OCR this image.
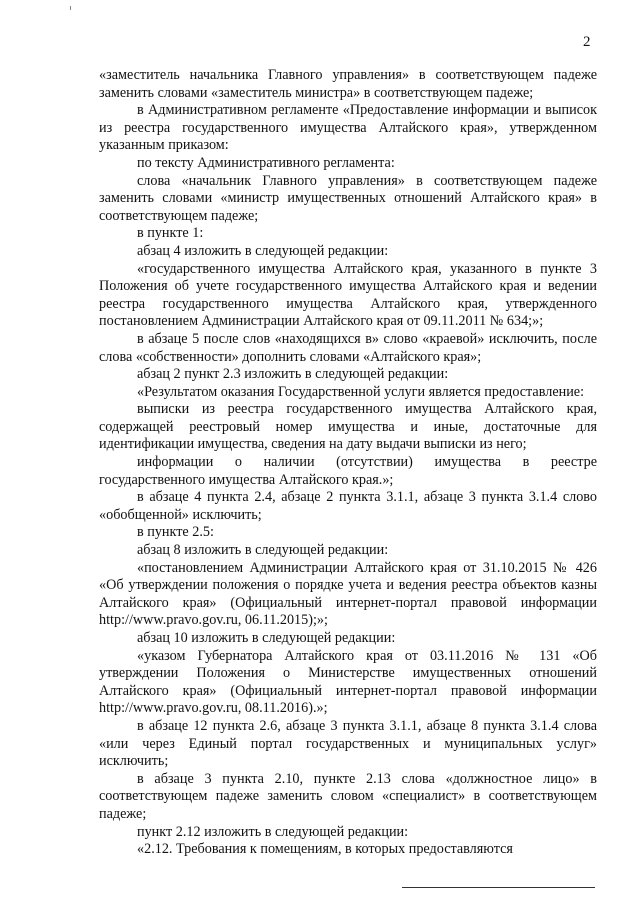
2

«заместитель начальника Главного управления» в соответствующем падеже заменить словами «заместитель министра» в соответствующем падеже;

в Административном регламенте «Предоставление информации и выписок из реестра государственного имущества Алтайского края», утвержденном указанным приказом:

по тексту Административного регламента:

слова «начальник Главного управления» в соответствующем падеже заменить словами «министр имущественных отношений Алтайского края» в соответствующем падеже;

в пункте 1:

абзац 4 изложить в следующей редакции:

«государственного имущества Алтайского края, указанного в пункте 3 Положения об учете государственного имущества Алтайского края и ведении реестра государственного имущества Алтайского края, утвержденного постановлением Администрации Алтайского края от 09.11.2011 № 634;»;

в абзаце 5 после слов «находящихся в» слово «краевой» исключить, после слова «собственности» дополнить словами «Алтайского края»;

абзац 2 пункт 2.3 изложить в следующей редакции:

«Результатом оказания Государственной услуги является предоставление:

выписки из реестра государственного имущества Алтайского края, содержащей реестровый номер имущества и иные, достаточные для идентификации имущества, сведения на дату выдачи выписки из него;

информации о наличии (отсутствии) имущества в реестре государственного имущества Алтайского края.»;

в абзаце 4 пункта 2.4, абзаце 2 пункта 3.1.1, абзаце 3 пункта 3.1.4 слово «обобщенной» исключить;

в пункте 2.5:

абзац 8 изложить в следующей редакции:

«постановлением Администрации Алтайского края от 31.10.2015 № 426 «Об утверждении положения о порядке учета и ведения реестра объектов казны Алтайского края» (Официальный интернет-портал правовой информации http://www.pravo.gov.ru, 06.11.2015);»;

абзац 10 изложить в следующей редакции:

«указом Губернатора Алтайского края от 03.11.2016 № 131 «Об утверждении Положения о Министерстве имущественных отношений Алтайского края» (Официальный интернет-портал правовой информации http://www.pravo.gov.ru, 08.11.2016).»;

в абзаце 12 пункта 2.6, абзаце 3 пункта 3.1.1, абзаце 8 пункта 3.1.4 слова «или через Единый портал государственных и муниципальных услуг» исключить;

в абзаце 3 пункта 2.10, пункте 2.13 слова «должностное лицо» в соответствующем падеже заменить словом «специалист» в соответствующем падеже;

пункт 2.12 изложить в следующей редакции:

«2.12. Требования к помещениям, в которых предоставляются
